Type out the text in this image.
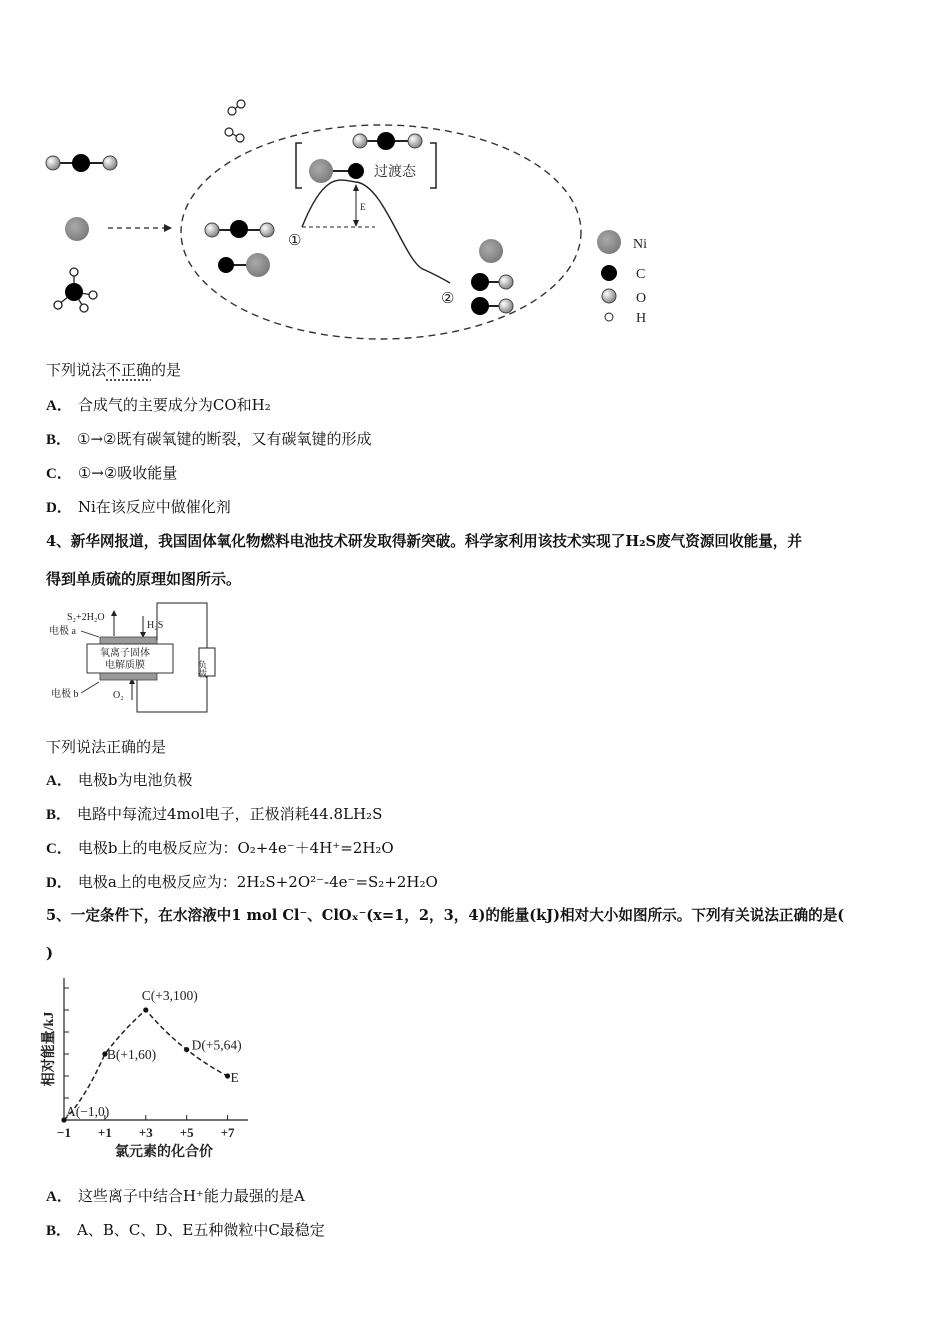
过渡态
E
①
②
Ni
C
O
H
下列说法不正确的是
A． 合成气的主要成分为CO和H₂
B． ①→②既有碳氧键的断裂，又有碳氧键的形成
C． ①→②吸收能量
D． Ni在该反应中做催化剂
4、新华网报道，我国固体氧化物燃料电池技术研发取得新突破。科学家利用该技术实现了H₂S废气资源回收能量，并
得到单质硫的原理如图所示。
S₂+2H₂O
H₂S
电极 a
电极 b	O₂
氧离子固体
电解质膜	负载
下列说法正确的是
A． 电极b为电池负极
B． 电路中每流过4mol电子，正极消耗44.8LH₂S
C． 电极b上的电极反应为：O₂+4e⁻＋4H⁺=2H₂O
D． 电极a上的电极反应为：2H₂S+2O²⁻-4e⁻=S₂+2H₂O
5、一定条件下，在水溶液中1 mol Cl⁻、ClOₓ⁻(x=1，2，3，4)的能量(kJ)相对大小如图所示。下列有关说法正确的是(
)
−1 +1 +3 +5 +7
氯元素的化合价
相对能量/kJ
A(−1,0)
B(+1,60)
C(+3,100)
D(+5,64)
E
A． 这些离子中结合H⁺能力最强的是A
B． A、B、C、D、E五种微粒中C最稳定
